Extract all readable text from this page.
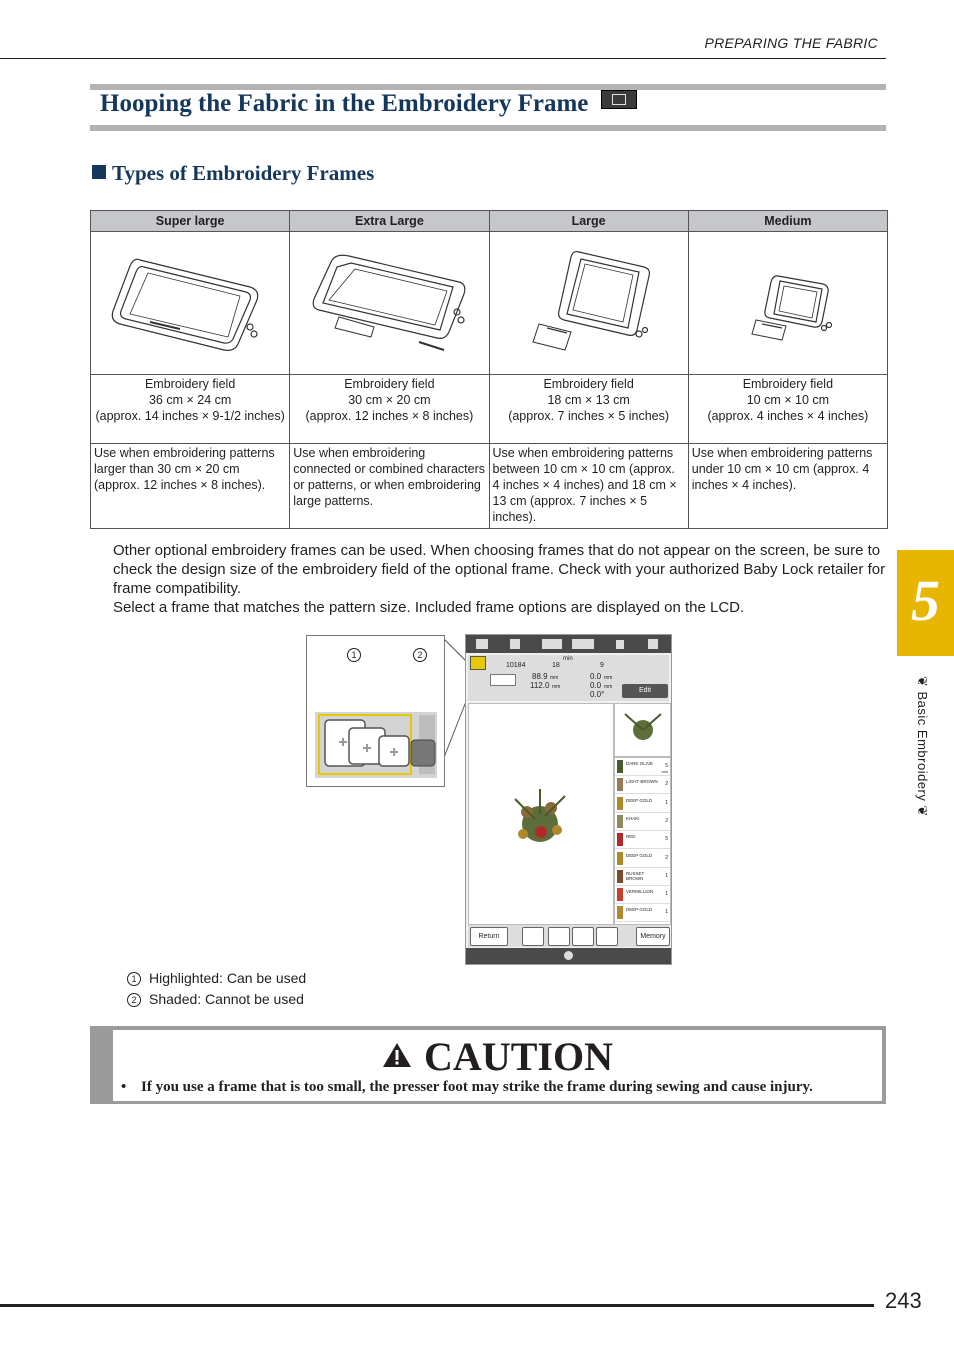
PREPARING THE FABRIC
Hooping the Fabric in the Embroidery Frame
Types of Embroidery Frames
Super large	Extra Large	Large	Medium

Embroidery field
36 cm × 24 cm
(approx. 14 inches × 9-1/2 inches)	Embroidery field
30 cm × 20 cm
(approx. 12 inches × 8 inches)	Embroidery field
18 cm × 13 cm
(approx. 7 inches × 5 inches)	Embroidery field
10 cm × 10 cm
(approx. 4 inches × 4 inches)

Use when embroidering patterns larger than 30 cm × 20 cm (approx. 12 inches × 8 inches).	Use when embroidering connected or combined characters or patterns, or when embroidering large patterns.	Use when embroidering patterns between 10 cm × 10 cm (approx. 4 inches × 4 inches) and 18 cm × 13 cm (approx. 7 inches × 5 inches).	Use when embroidering patterns under 10 cm × 10 cm (approx. 4 inches × 4 inches).

Other optional embroidery frames can be used. When choosing frames that do not appear on the screen, be sure to check the design size of the embroidery field of the optional frame. Check with your authorized Baby Lock retailer for frame compatibility.

Select a frame that matches the pattern size. Included frame options are displayed on the LCD.

1	2
10184	18
min
9
88.9 mm
112.0 mm
0.0 mm
0.0 mm
0.0°	Edit
DARK OLIVE	5
min
LIGHT BROWN	2
DEEP GOLD	1
KHAKI	2
RED	5
DEEP GOLD	2
RUSSET BROWN	1
VERMILLION	1
DEEP GOLD	1
Return	Memory
1 Highlighted: Can be used
2 Shaded: Cannot be used
CAUTION
• If you use a frame that is too small, the presser foot may strike the frame during sewing and cause injury.
5
❦ Basic Embroidery ❦
243
